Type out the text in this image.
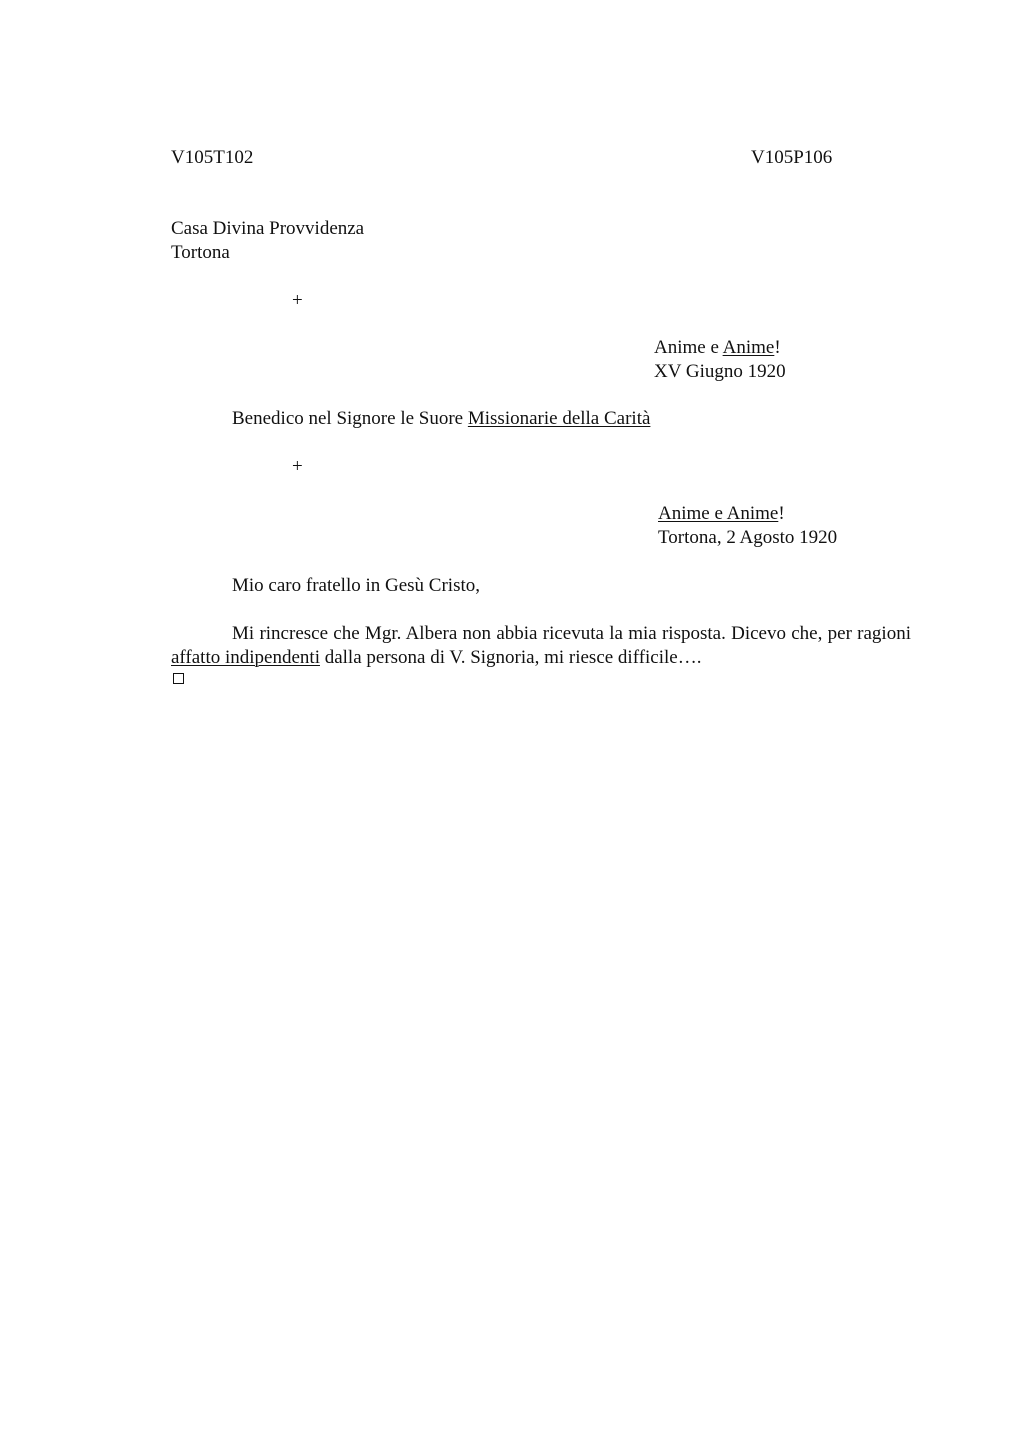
V105T102	V105P106
Casa Divina Provvidenza
Tortona
+
Anime e Anime!
XV Giugno 1920
Benedico nel Signore le Suore Missionarie della Carità
+
Anime e Anime!
Tortona, 2 Agosto 1920
Mio caro fratello in Gesù Cristo,
Mi rincresce che Mgr. Albera non abbia ricevuta la mia risposta. Dicevo che, per ragioni affatto indipendenti dalla persona di V. Signoria, mi riesce difficile….
